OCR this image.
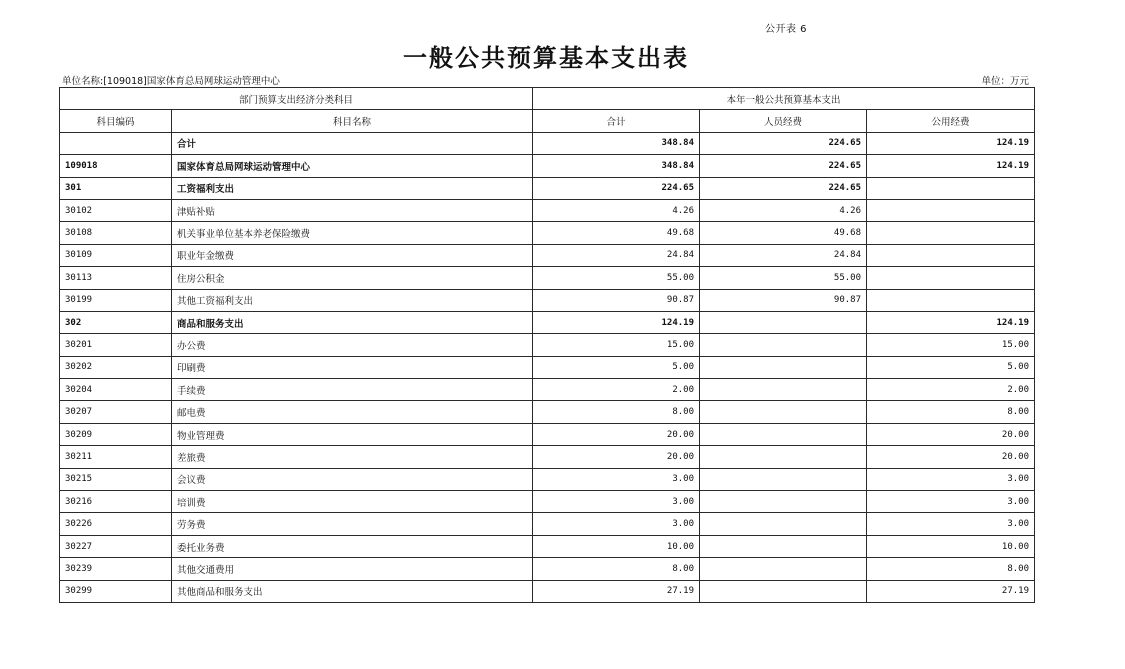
公开表 6
一般公共预算基本支出表
单位名称:[109018]国家体育总局网球运动管理中心	单位：万元
部门预算支出经济分类科目		本年一般公共预算基本支出		
科目编码	科目名称	合计	人员经费	公用经费
	合计	348.84	224.65	124.19
109018	国家体育总局网球运动管理中心	348.84	224.65	124.19
301	工资福利支出	224.65	224.65	
30102	津贴补贴	4.26	4.26	
30108	机关事业单位基本养老保险缴费	49.68	49.68	
30109	职业年金缴费	24.84	24.84	
30113	住房公积金	55.00	55.00	
30199	其他工资福利支出	90.87	90.87	
302	商品和服务支出	124.19		124.19
30201	办公费	15.00		15.00
30202	印刷费	5.00		5.00
30204	手续费	2.00		2.00
30207	邮电费	8.00		8.00
30209	物业管理费	20.00		20.00
30211	差旅费	20.00		20.00
30215	会议费	3.00		3.00
30216	培训费	3.00		3.00
30226	劳务费	3.00		3.00
30227	委托业务费	10.00		10.00
30239	其他交通费用	8.00		8.00
30299	其他商品和服务支出	27.19		27.19
